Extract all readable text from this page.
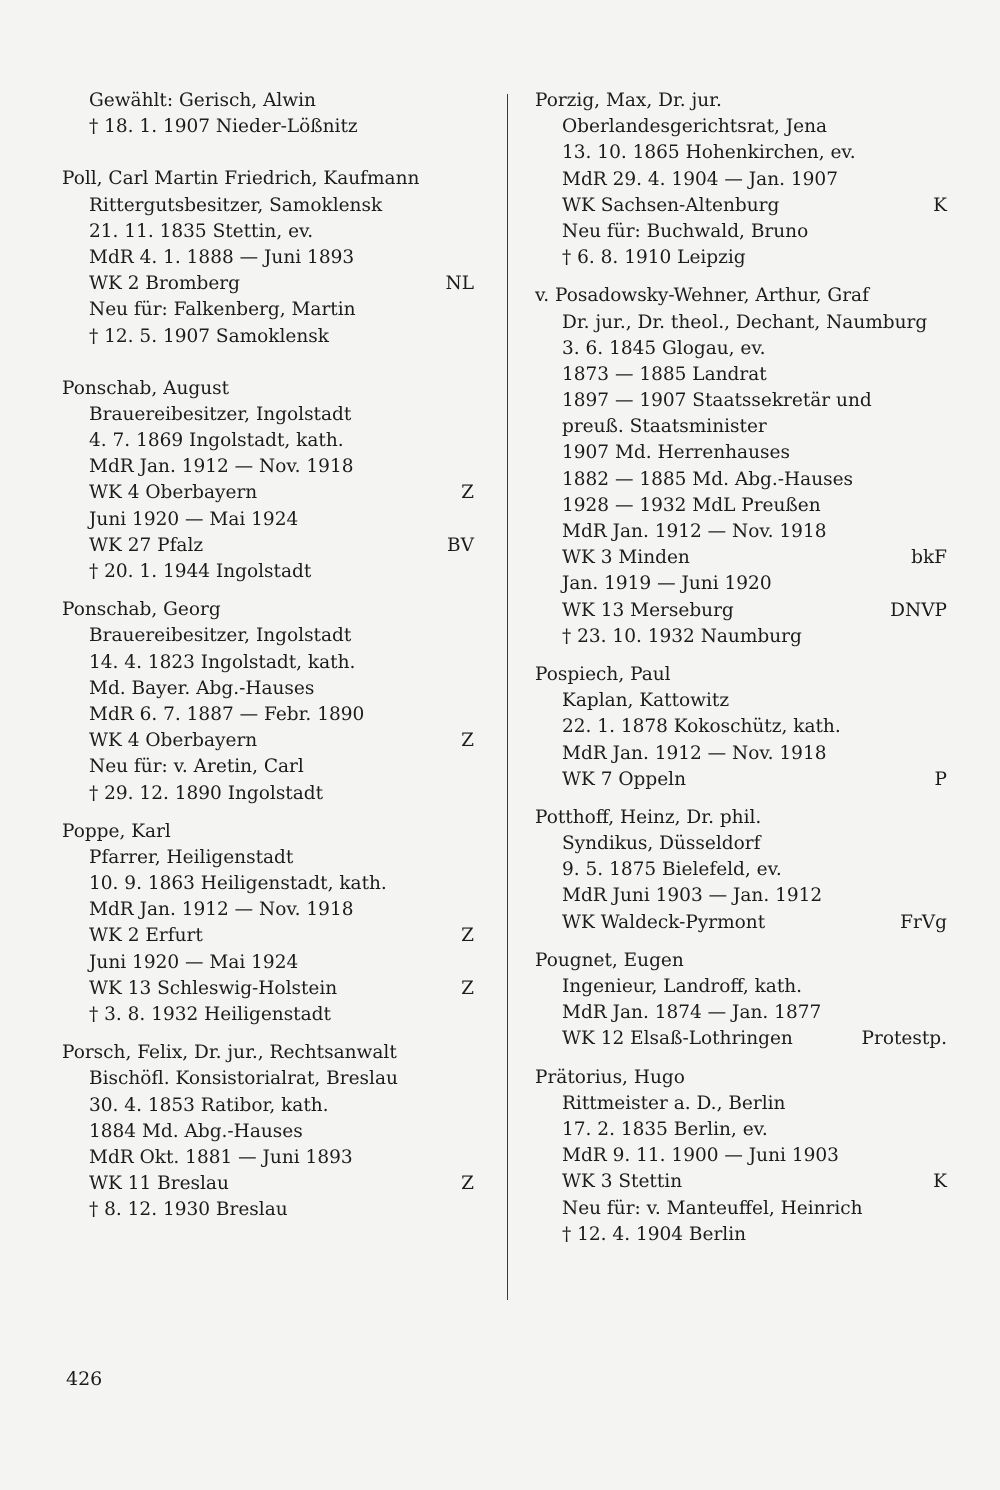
Gewählt: Gerisch, Alwin
† 18. 1. 1907 Nieder-Lößnitz
Poll, Carl Martin Friedrich, Kaufmann
Rittergutsbesitzer, Samoklensk
21. 11. 1835 Stettin, ev.
MdR 4. 1. 1888 — Juni 1893
WK 2 Bromberg	NL
Neu für: Falkenberg, Martin
† 12. 5. 1907 Samoklensk
Ponschab, August
Brauereibesitzer, Ingolstadt
4. 7. 1869 Ingolstadt, kath.
MdR Jan. 1912 — Nov. 1918
WK 4 Oberbayern	Z
Juni 1920 — Mai 1924
WK 27 Pfalz	BV
† 20. 1. 1944 Ingolstadt
Ponschab, Georg
Brauereibesitzer, Ingolstadt
14. 4. 1823 Ingolstadt, kath.
Md. Bayer. Abg.-Hauses
MdR 6. 7. 1887 — Febr. 1890
WK 4 Oberbayern	Z
Neu für: v. Aretin, Carl
† 29. 12. 1890 Ingolstadt
Poppe, Karl
Pfarrer, Heiligenstadt
10. 9. 1863 Heiligenstadt, kath.
MdR Jan. 1912 — Nov. 1918
WK 2 Erfurt	Z
Juni 1920 — Mai 1924
WK 13 Schleswig-Holstein	Z
† 3. 8. 1932 Heiligenstadt
Porsch, Felix, Dr. jur., Rechtsanwalt
Bischöfl. Konsistorialrat, Breslau
30. 4. 1853 Ratibor, kath.
1884 Md. Abg.-Hauses
MdR Okt. 1881 — Juni 1893
WK 11 Breslau	Z
† 8. 12. 1930 Breslau
Porzig, Max, Dr. jur.
Oberlandesgerichtsrat, Jena
13. 10. 1865 Hohenkirchen, ev.
MdR 29. 4. 1904 — Jan. 1907
WK Sachsen-Altenburg	K
Neu für: Buchwald, Bruno
† 6. 8. 1910 Leipzig
v. Posadowsky-Wehner, Arthur, Graf
Dr. jur., Dr. theol., Dechant, Naumburg
3. 6. 1845 Glogau, ev.
1873 — 1885 Landrat
1897 — 1907 Staatssekretär und
preuß. Staatsminister
1907 Md. Herrenhauses
1882 — 1885 Md. Abg.-Hauses
1928 — 1932 MdL Preußen
MdR Jan. 1912 — Nov. 1918
WK 3 Minden	bkF
Jan. 1919 — Juni 1920
WK 13 Merseburg	DNVP
† 23. 10. 1932 Naumburg
Pospiech, Paul
Kaplan, Kattowitz
22. 1. 1878 Kokoschütz, kath.
MdR Jan. 1912 — Nov. 1918
WK 7 Oppeln	P
Potthoff, Heinz, Dr. phil.
Syndikus, Düsseldorf
9. 5. 1875 Bielefeld, ev.
MdR Juni 1903 — Jan. 1912
WK Waldeck-Pyrmont	FrVg
Pougnet, Eugen
Ingenieur, Landroff, kath.
MdR Jan. 1874 — Jan. 1877
WK 12 Elsaß-Lothringen	Protestp.
Prätorius, Hugo
Rittmeister a. D., Berlin
17. 2. 1835 Berlin, ev.
MdR 9. 11. 1900 — Juni 1903
WK 3 Stettin	K
Neu für: v. Manteuffel, Heinrich
† 12. 4. 1904 Berlin
426
